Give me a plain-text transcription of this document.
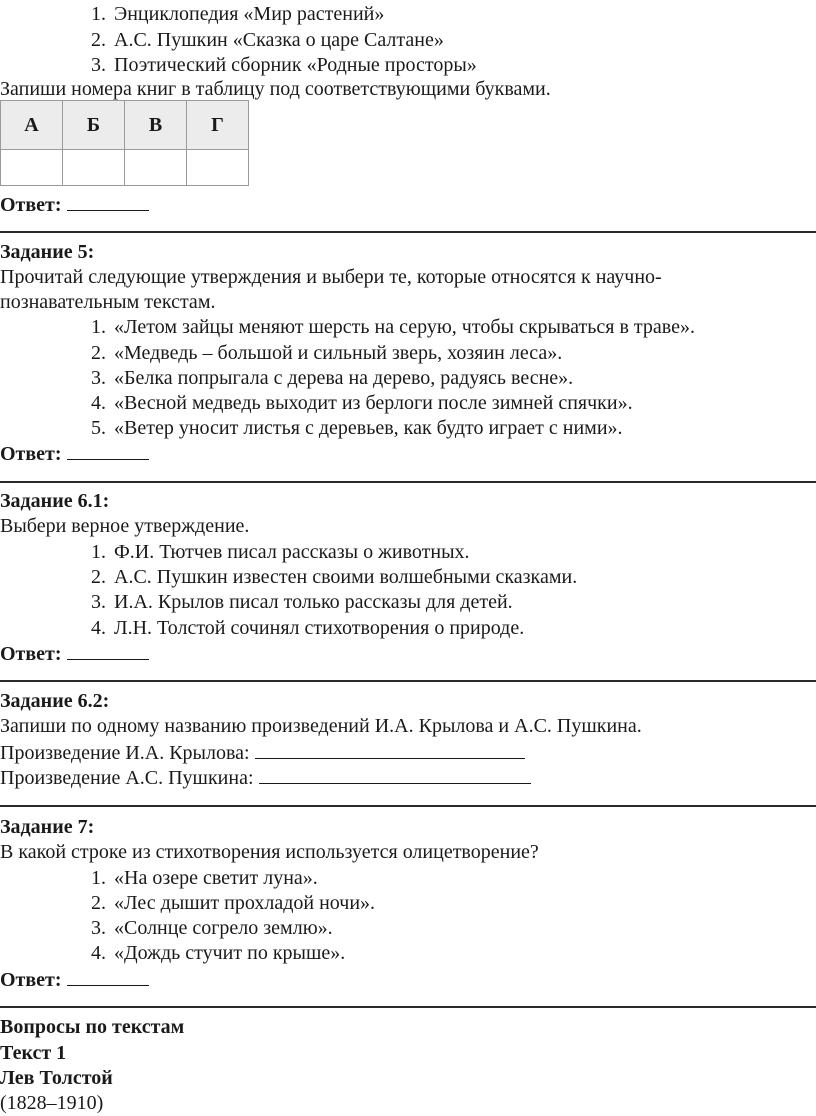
1. Энциклопедия «Мир растений»
2. А.С. Пушкин «Сказка о царе Салтане»
3. Поэтический сборник «Родные просторы»
Запиши номера книг в таблицу под соответствующими буквами.
А	Б	В	Г

Ответ:
Задание 5:
Прочитай следующие утверждения и выбери те, которые относятся к научно-
познавательным текстам.
1. «Летом зайцы меняют шерсть на серую, чтобы скрываться в траве».
2. «Медведь – большой и сильный зверь, хозяин леса».
3. «Белка попрыгала с дерева на дерево, радуясь весне».
4. «Весной медведь выходит из берлоги после зимней спячки».
5. «Ветер уносит листья с деревьев, как будто играет с ними».
Ответ:
Задание 6.1:
Выбери верное утверждение.
1. Ф.И. Тютчев писал рассказы о животных.
2. А.С. Пушкин известен своими волшебными сказками.
3. И.А. Крылов писал только рассказы для детей.
4. Л.Н. Толстой сочинял стихотворения о природе.
Ответ:
Задание 6.2:
Запиши по одному названию произведений И.А. Крылова и А.С. Пушкина.
Произведение И.А. Крылова:
Произведение А.С. Пушкина:
Задание 7:
В какой строке из стихотворения используется олицетворение?
1. «На озере светит луна».
2. «Лес дышит прохладой ночи».
3. «Солнце согрело землю».
4. «Дождь стучит по крыше».
Ответ:
Вопросы по текстам
Текст 1
Лев Толстой
(1828–1910)
